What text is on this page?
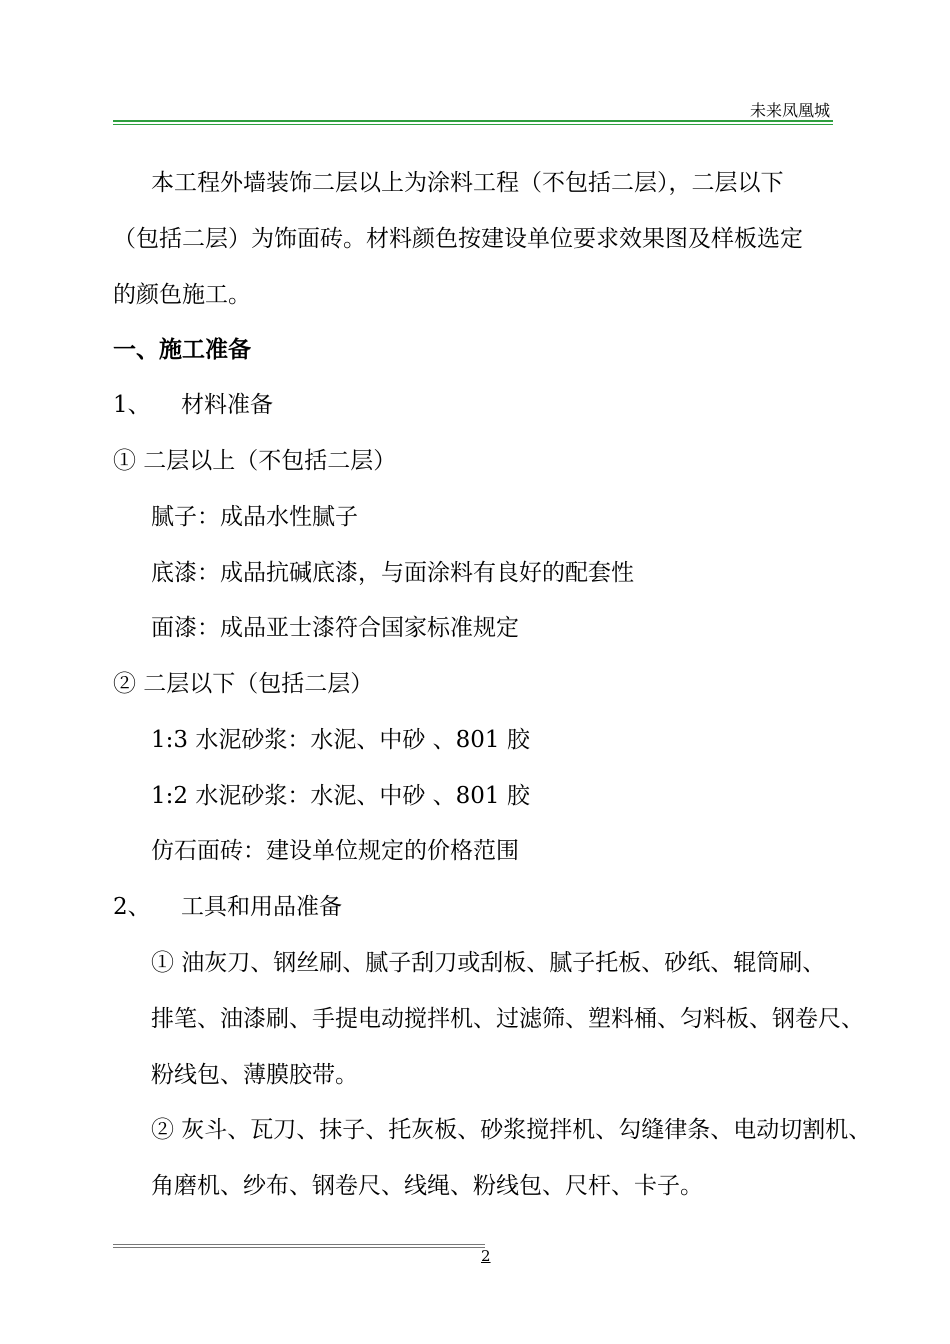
未来凤凰城
本工程外墙装饰二层以上为涂料工程（不包括二层），二层以下
（包括二层）为饰面砖。材料颜色按建设单位要求效果图及样板选定
的颜色施工。
一、施工准备
1、 材料准备
① 二层以上（不包括二层）
腻子：成品水性腻子
底漆：成品抗碱底漆，与面涂料有良好的配套性
面漆：成品亚士漆符合国家标准规定
② 二层以下（包括二层）
1:3 水泥砂浆：水泥、中砂 、801 胶
1:2 水泥砂浆：水泥、中砂 、801 胶
仿石面砖：建设单位规定的价格范围
2、 工具和用品准备
① 油灰刀、钢丝刷、腻子刮刀或刮板、腻子托板、砂纸、辊筒刷、
排笔、油漆刷、手提电动搅拌机、过滤筛、塑料桶、匀料板、钢卷尺、
粉线包、薄膜胶带。
② 灰斗、瓦刀、抹子、托灰板、砂浆搅拌机、勾缝律条、电动切割机、
角磨机、纱布、钢卷尺、线绳、粉线包、尺杆、卡子。
2
